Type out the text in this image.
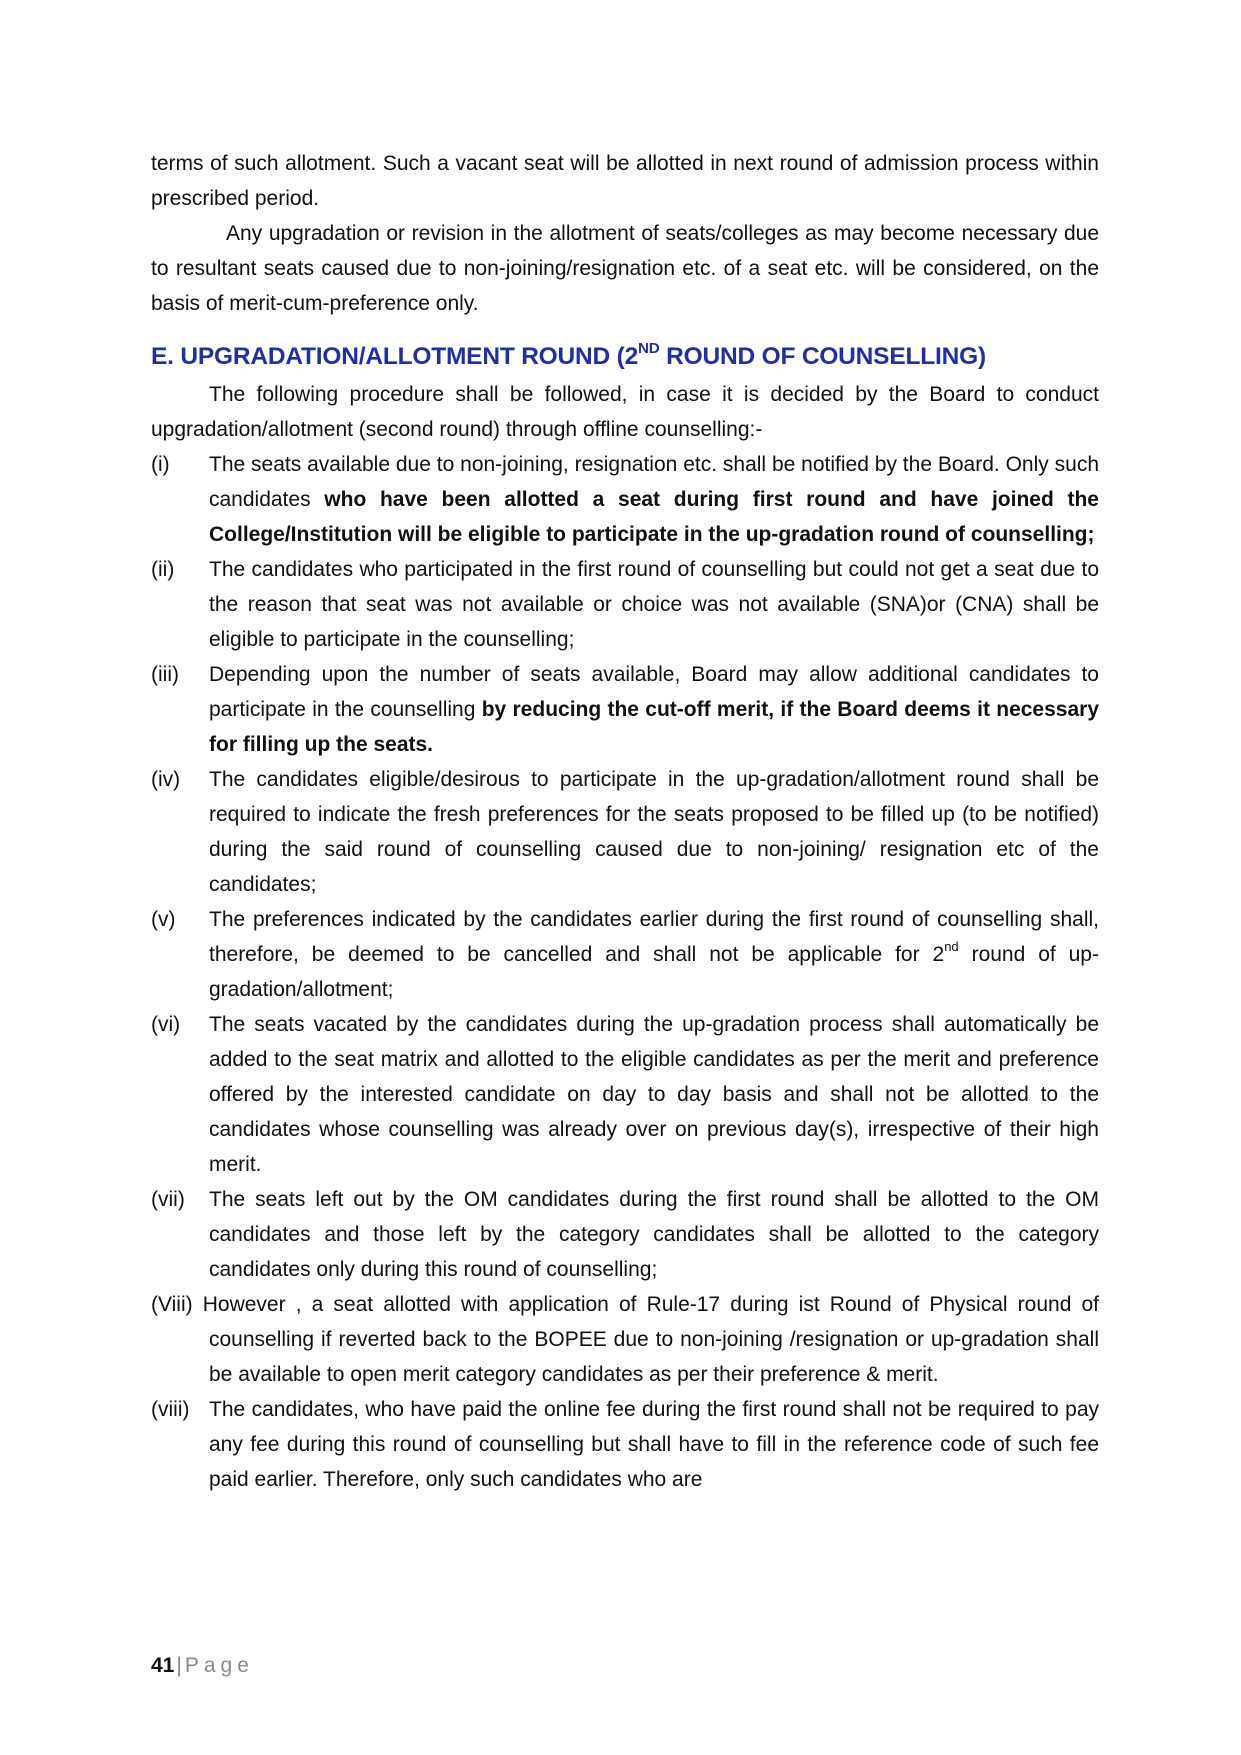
terms of such allotment. Such a vacant seat will be allotted in next round of admission process within prescribed period.

Any upgradation or revision in the allotment of seats/colleges as may become necessary due to resultant seats caused due to non-joining/resignation etc. of a seat etc. will be considered, on the basis of merit-cum-preference only.

E. UPGRADATION/ALLOTMENT ROUND (2ND ROUND OF COUNSELLING)

The following procedure shall be followed, in case it is decided by the Board to conduct upgradation/allotment (second round) through offline counselling:-

(i)	The seats available due to non-joining, resignation etc. shall be notified by the Board. Only such candidates who have been allotted a seat during first round and have joined the College/Institution will be eligible to participate in the up-gradation round of counselling;

(ii)	The candidates who participated in the first round of counselling but could not get a seat due to the reason that seat was not available or choice was not available (SNA)or (CNA) shall be eligible to participate in the counselling;

(iii)	Depending upon the number of seats available, Board may allow additional candidates to participate in the counselling by reducing the cut-off merit, if the Board deems it necessary for filling up the seats.

(iv)	The candidates eligible/desirous to participate in the up-gradation/allotment round shall be required to indicate the fresh preferences for the seats proposed to be filled up (to be notified) during the said round of counselling caused due to non-joining/ resignation etc of the candidates;

(v)	The preferences indicated by the candidates earlier during the first round of counselling shall, therefore, be deemed to be cancelled and shall not be applicable for 2nd round of up-gradation/allotment;

(vi)	The seats vacated by the candidates during the up-gradation process shall automatically be added to the seat matrix and allotted to the eligible candidates as per the merit and preference offered by the interested candidate on day to day basis and shall not be allotted to the candidates whose counselling was already over on previous day(s), irrespective of their high merit.

(vii)	The seats left out by the OM candidates during the first round shall be allotted to the OM candidates and those left by the category candidates shall be allotted to the category candidates only during this round of counselling;

(Viii) However , a seat allotted with application of Rule-17 during ist Round of Physical round of counselling if reverted back to the BOPEE due to non-joining /resignation or up-gradation shall be available to open merit category candidates as per their preference & merit.

(viii) The candidates, who have paid the online fee during the first round shall not be required to pay any fee during this round of counselling but shall have to fill in the reference code of such fee paid earlier. Therefore, only such candidates who are

41| Page
